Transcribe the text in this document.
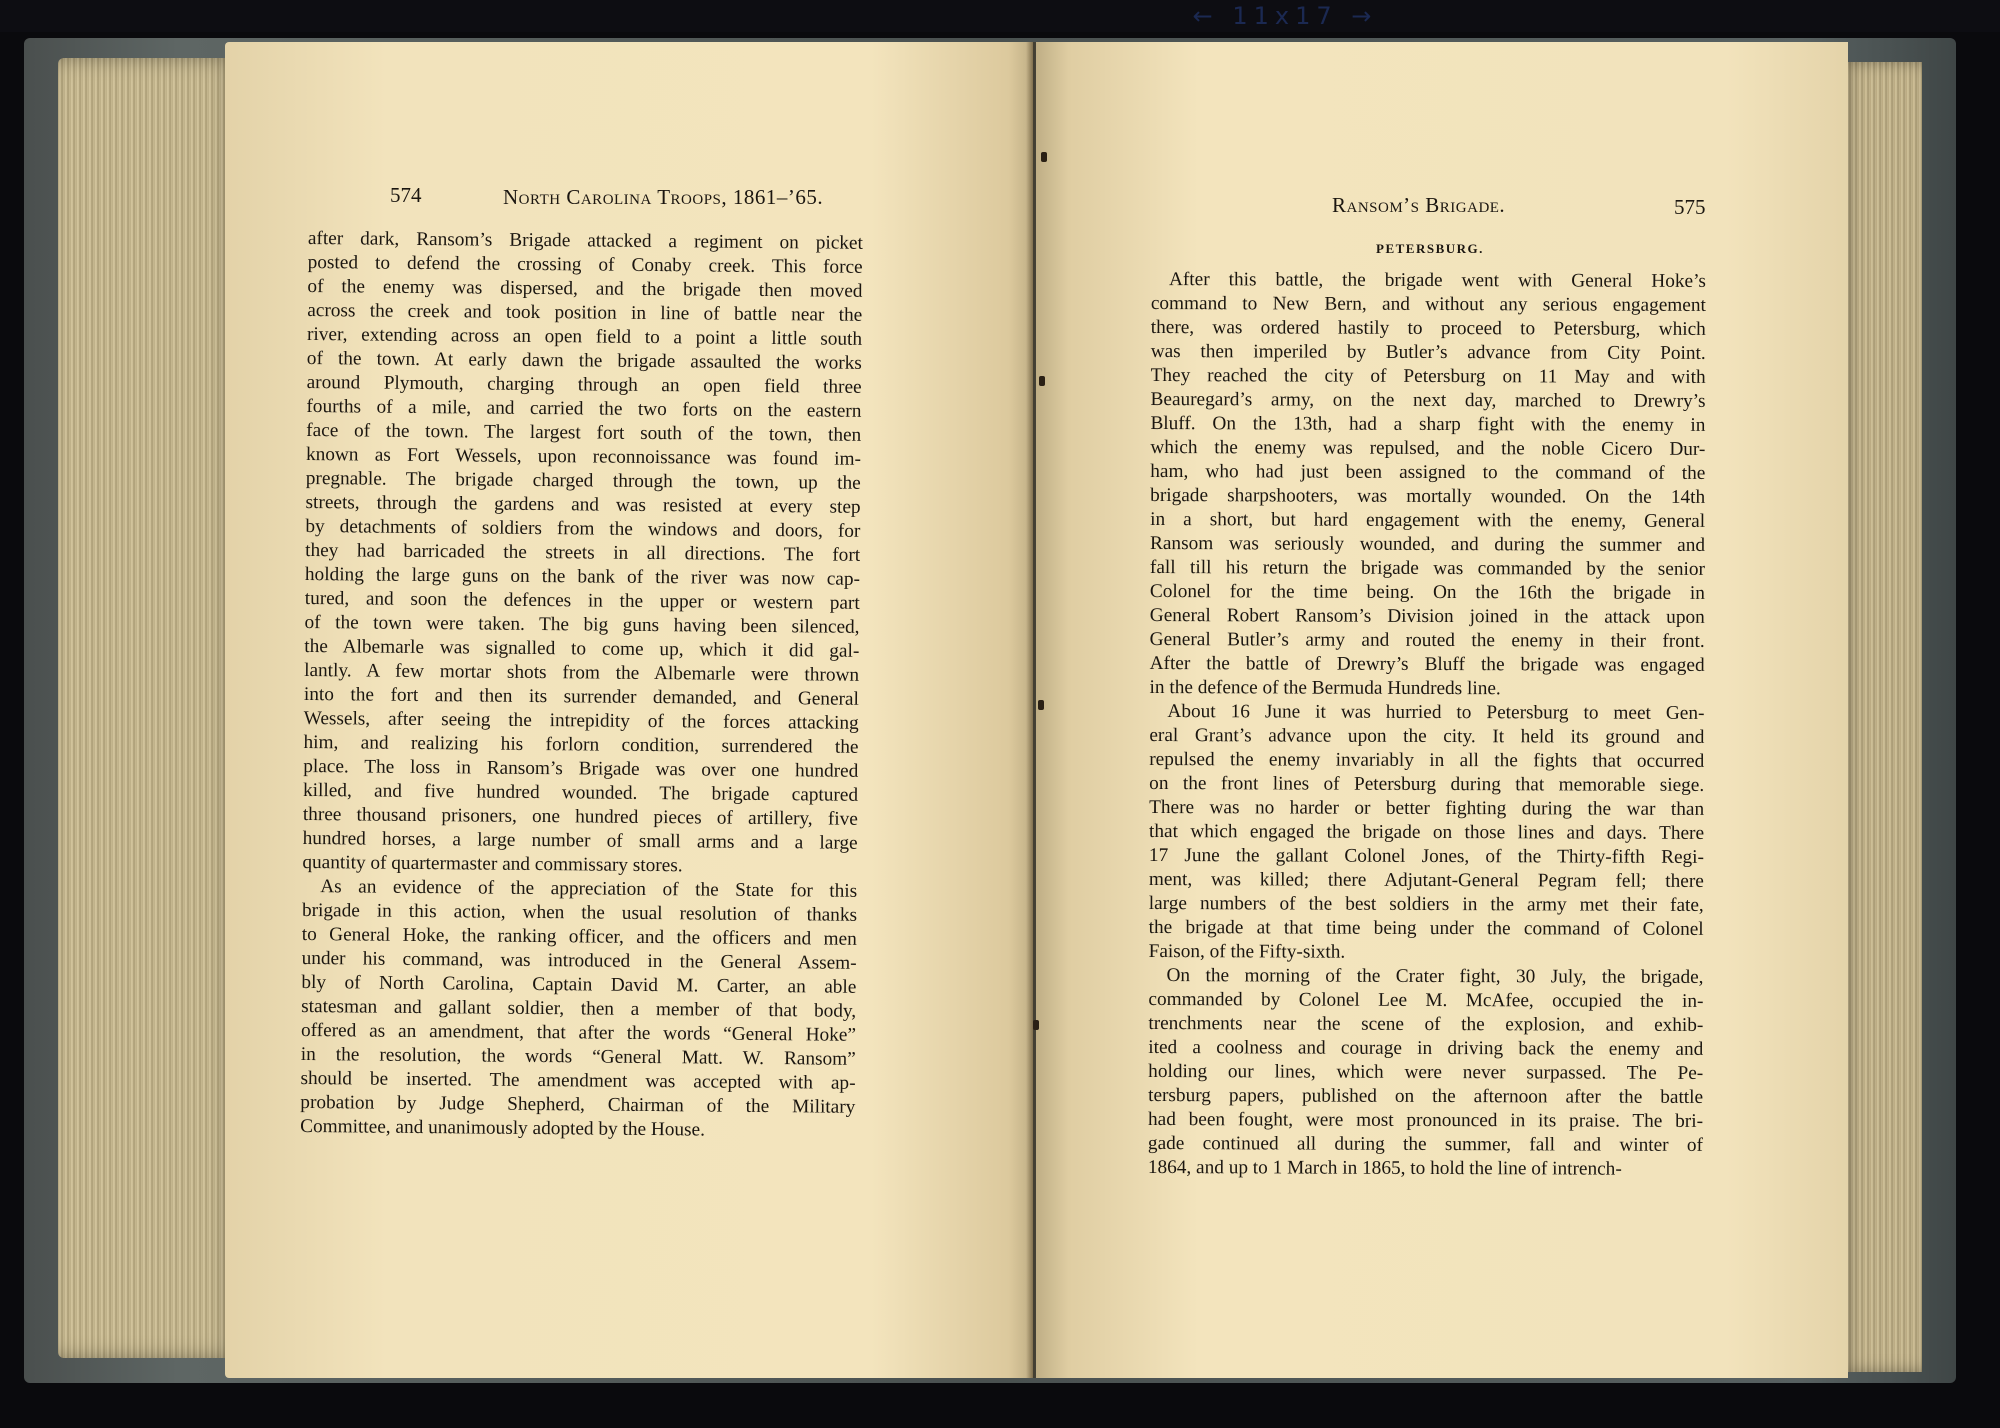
← 11x17 →
574	North Carolina Troops, 1861–’65.
after dark, Ransom’s Brigade attacked a regiment on picket
posted to defend the crossing of Conaby creek. This force
of the enemy was dispersed, and the brigade then moved
across the creek and took position in line of battle near the
river, extending across an open field to a point a little south
of the town. At early dawn the brigade assaulted the works
around Plymouth, charging through an open field three
fourths of a mile, and carried the two forts on the eastern
face of the town. The largest fort south of the town, then
known as Fort Wessels, upon reconnoissance was found im-
pregnable. The brigade charged through the town, up the
streets, through the gardens and was resisted at every step
by detachments of soldiers from the windows and doors, for
they had barricaded the streets in all directions. The fort
holding the large guns on the bank of the river was now cap-
tured, and soon the defences in the upper or western part
of the town were taken. The big guns having been silenced,
the Albemarle was signalled to come up, which it did gal-
lantly. A few mortar shots from the Albemarle were thrown
into the fort and then its surrender demanded, and General
Wessels, after seeing the intrepidity of the forces attacking
him, and realizing his forlorn condition, surrendered the
place. The loss in Ransom’s Brigade was over one hundred
killed, and five hundred wounded. The brigade captured
three thousand prisoners, one hundred pieces of artillery, five
hundred horses, a large number of small arms and a large
quantity of quartermaster and commissary stores.
As an evidence of the appreciation of the State for this
brigade in this action, when the usual resolution of thanks
to General Hoke, the ranking officer, and the officers and men
under his command, was introduced in the General Assem-
bly of North Carolina, Captain David M. Carter, an able
statesman and gallant soldier, then a member of that body,
offered as an amendment, that after the words “General Hoke”
in the resolution, the words “General Matt. W. Ransom”
should be inserted. The amendment was accepted with ap-
probation by Judge Shepherd, Chairman of the Military
Committee, and unanimously adopted by the House.
Ransom’s Brigade.	575
PETERSBURG.
After this battle, the brigade went with General Hoke’s
command to New Bern, and without any serious engagement
there, was ordered hastily to proceed to Petersburg, which
was then imperiled by Butler’s advance from City Point.
They reached the city of Petersburg on 11 May and with
Beauregard’s army, on the next day, marched to Drewry’s
Bluff. On the 13th, had a sharp fight with the enemy in
which the enemy was repulsed, and the noble Cicero Dur-
ham, who had just been assigned to the command of the
brigade sharpshooters, was mortally wounded. On the 14th
in a short, but hard engagement with the enemy, General
Ransom was seriously wounded, and during the summer and
fall till his return the brigade was commanded by the senior
Colonel for the time being. On the 16th the brigade in
General Robert Ransom’s Division joined in the attack upon
General Butler’s army and routed the enemy in their front.
After the battle of Drewry’s Bluff the brigade was engaged
in the defence of the Bermuda Hundreds line.
About 16 June it was hurried to Petersburg to meet Gen-
eral Grant’s advance upon the city. It held its ground and
repulsed the enemy invariably in all the fights that occurred
on the front lines of Petersburg during that memorable siege.
There was no harder or better fighting during the war than
that which engaged the brigade on those lines and days. There
17 June the gallant Colonel Jones, of the Thirty-fifth Regi-
ment, was killed; there Adjutant-General Pegram fell; there
large numbers of the best soldiers in the army met their fate,
the brigade at that time being under the command of Colonel
Faison, of the Fifty-sixth.
On the morning of the Crater fight, 30 July, the brigade,
commanded by Colonel Lee M. McAfee, occupied the in-
trenchments near the scene of the explosion, and exhib-
ited a coolness and courage in driving back the enemy and
holding our lines, which were never surpassed. The Pe-
tersburg papers, published on the afternoon after the battle
had been fought, were most pronounced in its praise. The bri-
gade continued all during the summer, fall and winter of
1864, and up to 1 March in 1865, to hold the line of intrench-
